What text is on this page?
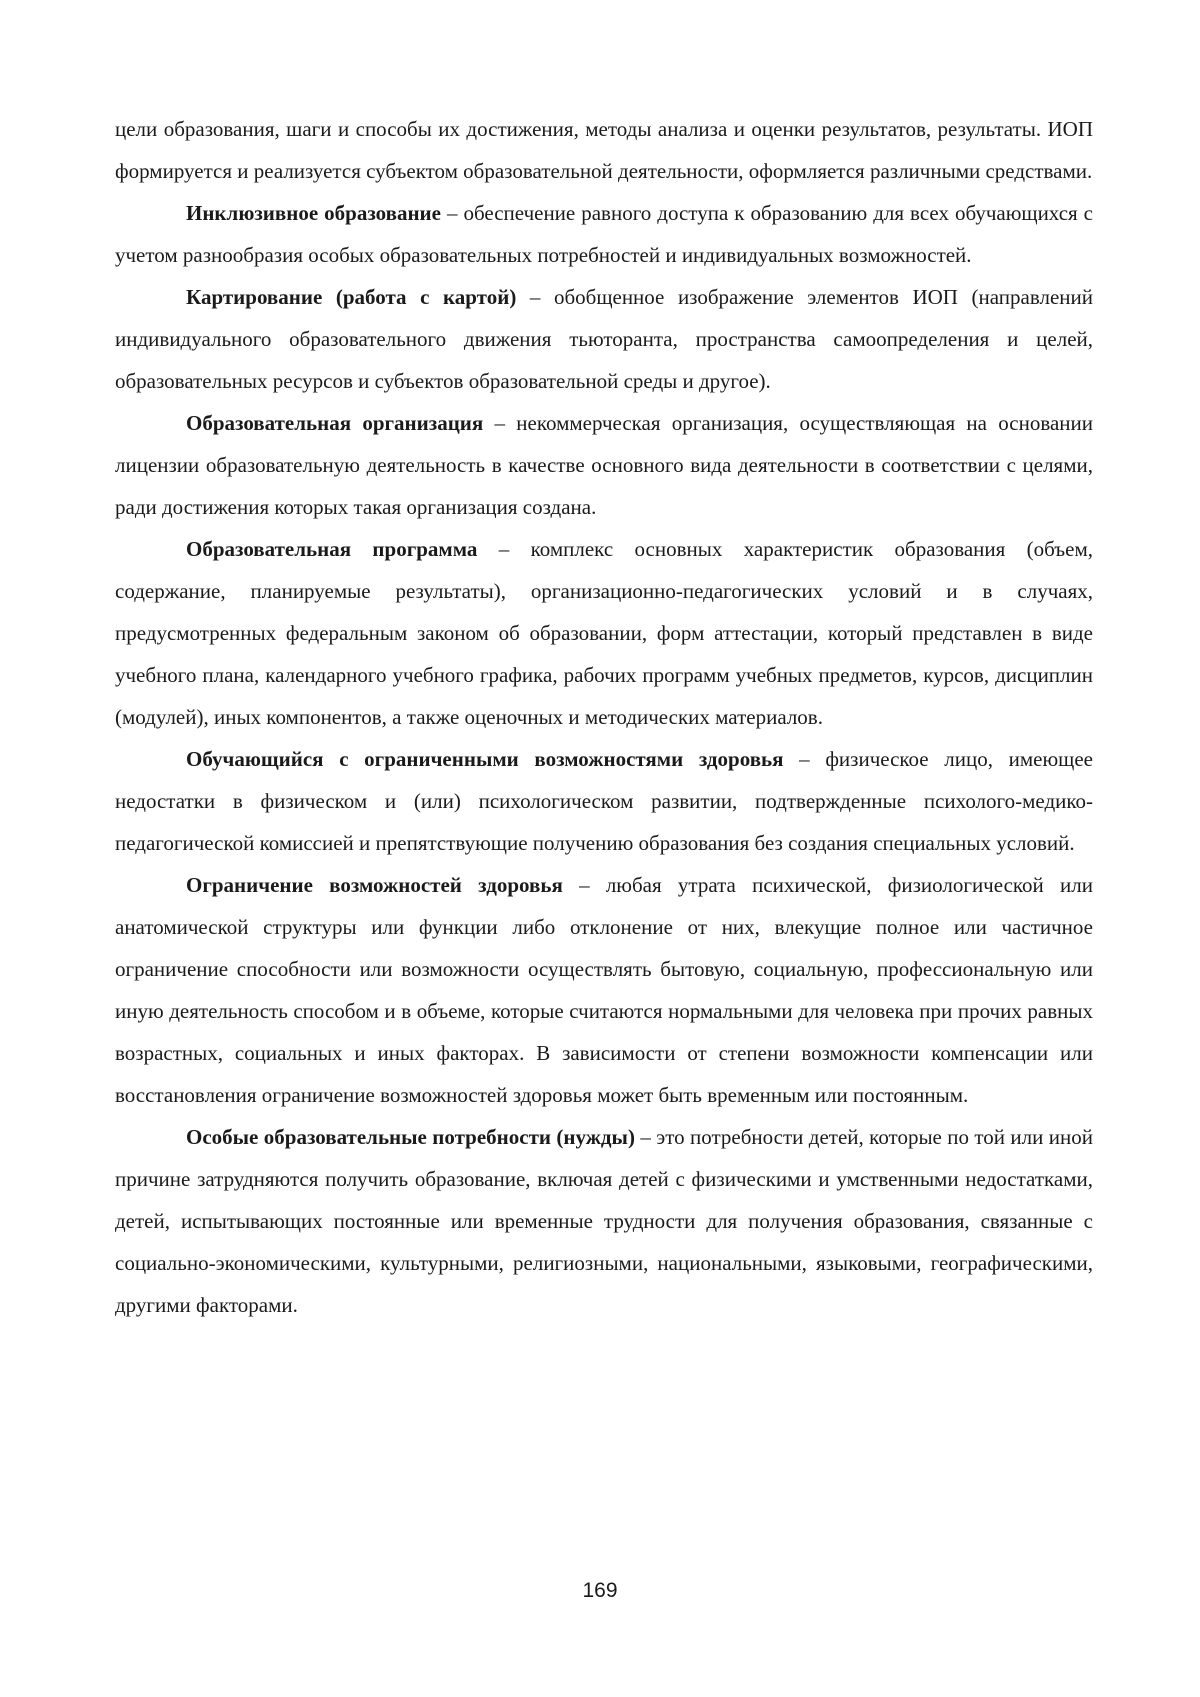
цели образования, шаги и способы их достижения, методы анализа и оценки результатов, результаты. ИОП формируется и реализуется субъектом образовательной деятельности, оформляется различными средствами.

Инклюзивное образование – обеспечение равного доступа к образованию для всех обучающихся с учетом разнообразия особых образовательных потребностей и индивидуальных возможностей.

Картирование (работа с картой) – обобщенное изображение элементов ИОП (направлений индивидуального образовательного движения тьюторанта, пространства самоопределения и целей, образовательных ресурсов и субъектов образовательной среды и другое).

Образовательная организация – некоммерческая организация, осуществляющая на основании лицензии образовательную деятельность в качестве основного вида деятельности в соответствии с целями, ради достижения которых такая организация создана.

Образовательная программа – комплекс основных характеристик образования (объем, содержание, планируемые результаты), организационно-педагогических условий и в случаях, предусмотренных федеральным законом об образовании, форм аттестации, который представлен в виде учебного плана, календарного учебного графика, рабочих программ учебных предметов, курсов, дисциплин (модулей), иных компонентов, а также оценочных и методических материалов.

Обучающийся с ограниченными возможностями здоровья – физическое лицо, имеющее недостатки в физическом и (или) психологическом развитии, подтвержденные психолого-медико-педагогической комиссией и препятствующие получению образования без создания специальных условий.

Ограничение возможностей здоровья – любая утрата психической, физиологической или анатомической структуры или функции либо отклонение от них, влекущие полное или частичное ограничение способности или возможности осуществлять бытовую, социальную, профессиональную или иную деятельность способом и в объеме, которые считаются нормальными для человека при прочих равных возрастных, социальных и иных факторах. В зависимости от степени возможности компенсации или восстановления ограничение возможностей здоровья может быть временным или постоянным.

Особые образовательные потребности (нужды) – это потребности детей, которые по той или иной причине затрудняются получить образование, включая детей с физическими и умственными недостатками, детей, испытывающих постоянные или временные трудности для получения образования, связанные с социально-экономическими, культурными, религиозными, национальными, языковыми, географическими, другими факторами.

169
